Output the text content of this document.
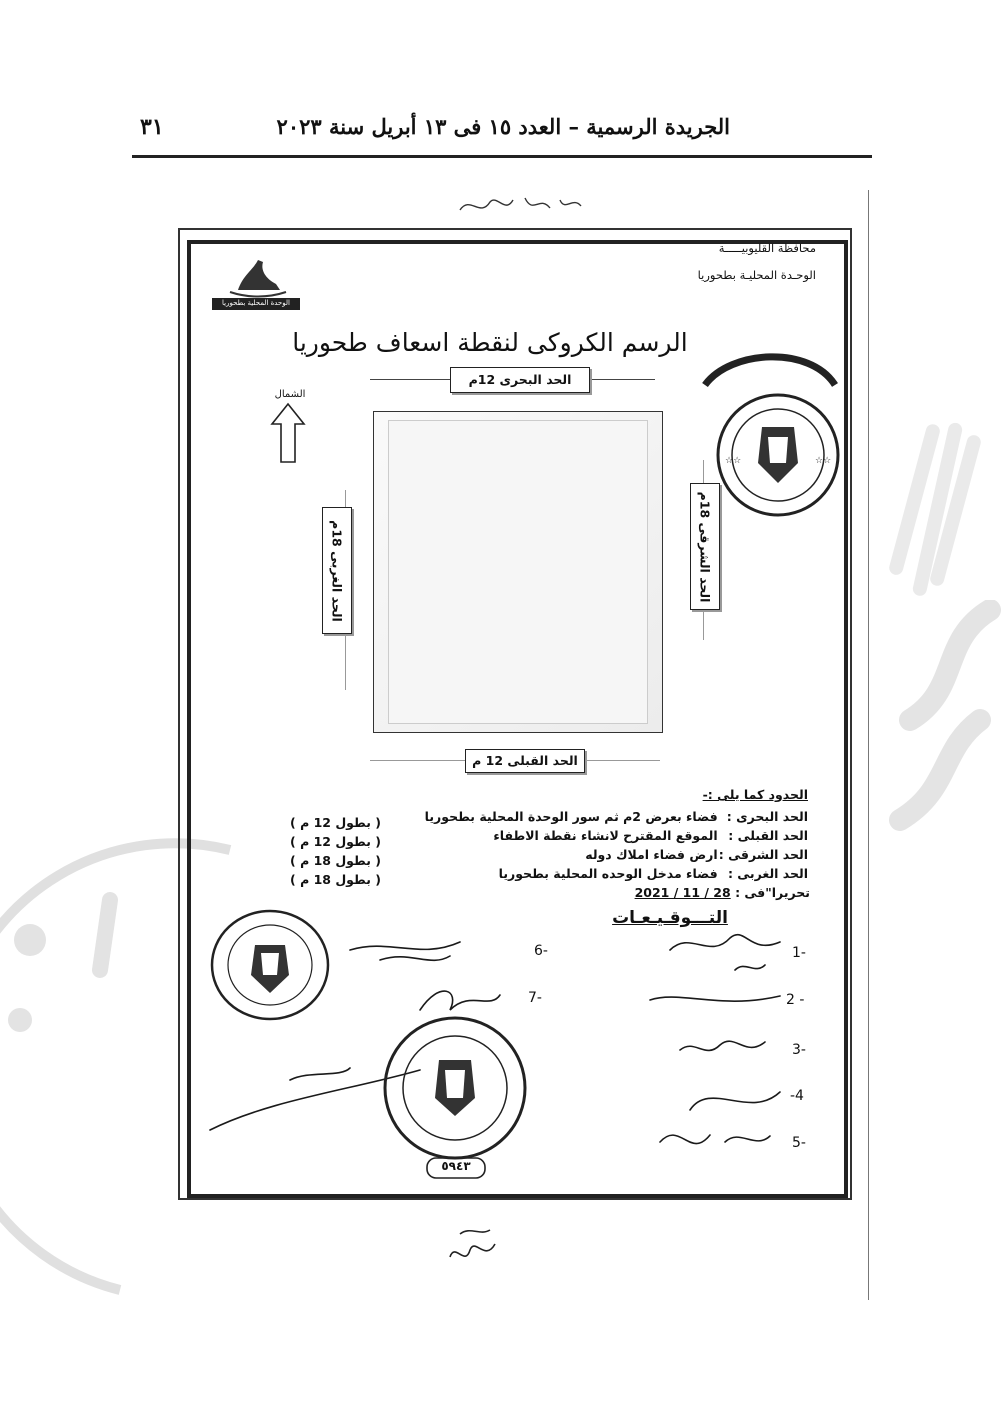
الجريدة الرسمية – العدد ١٥ فى ١٣ أبريل سنة ٢٠٢٣
٣١
الوحدة المحلية بطحوريا
محافظة القليوبيـــــة
الوحـدة المحليـة بطحوريا
الرسم الكروكى لنقطة اسعاف طحوريا
الحد البحرى 12م
الحد القبلى 12 م
الحد الغربى 18م
الحد الشرقى 18م
الشمال
☆☆	☆☆
الحدود كما يلى :-
الحد البحرى : فضاء بعرض 2م ثم سور الوحدة المحلية بطحوريا
( بطول 12 م )
الحد القبلى : الموقع المقترح لانشاء نقطة الاطفاء
( بطول 12 م )
الحد الشرقى : ارض فضاء املاك دوله
( بطول 18 م )
الحد الغربى : فضاء مدخل الوحده المحلية بطحوريا
( بطول 18 م )
تحريرا"فى : 2021 / 11 / 28
التـــوقـيـعـات
1-
2 -
3-
-4
5-
6-
7-
٥٩٤٣
